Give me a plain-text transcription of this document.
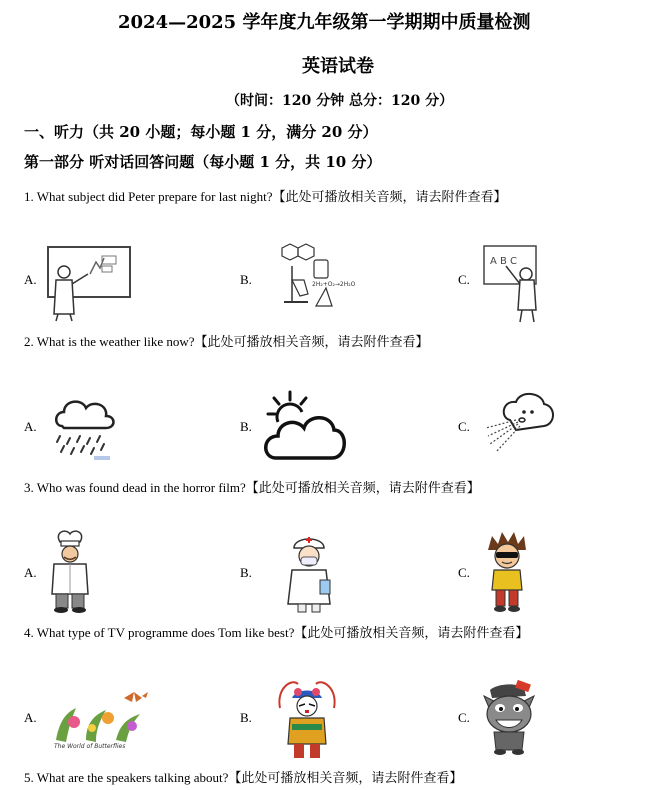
2024—2025 学年度九年级第一学期期中质量检测
英语试卷
（时间：120 分钟 总分：120 分）
一、听力（共 20 小题；每小题 1 分，满分 20 分）
第一部分 听对话回答问题（每小题 1 分，共 10 分）
1. What subject did Peter prepare for last night?【此处可播放相关音频，请去附件查看】
A.	B.	C.
2H₂+O₂→2H₂O
A B C
2. What is the weather like now?【此处可播放相关音频，请去附件查看】
A.	B.	C.
3. Who was found dead in the horror film?【此处可播放相关音频，请去附件查看】
A.	B.	C.
4. What type of TV programme does Tom like best?【此处可播放相关音频，请去附件查看】
A.	B.	C.
The World of Butterflies
5. What are the speakers talking about?【此处可播放相关音频，请去附件查看】
